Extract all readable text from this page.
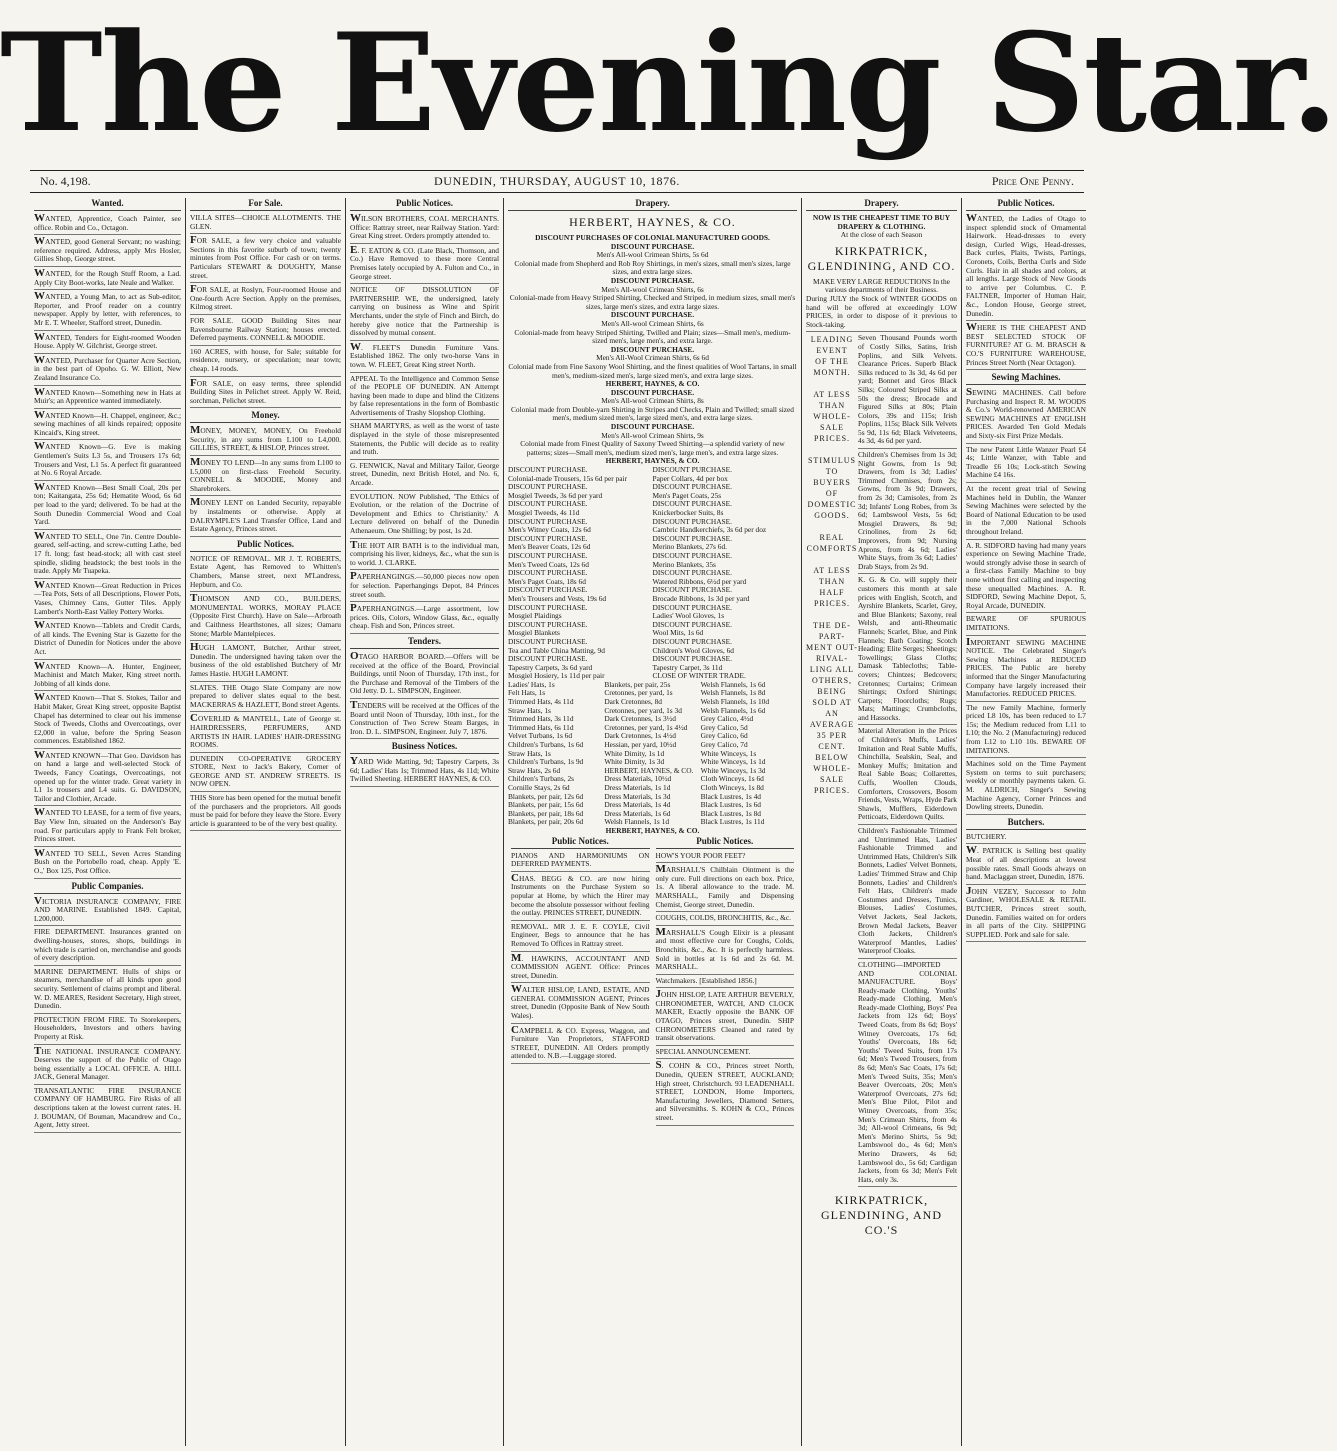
The Evening Star.
No. 4,198.	DUNEDIN, THURSDAY, AUGUST 10, 1876.	Price One Penny.
Wanted.
WANTED, Apprentice, Coach Painter, see office. Robin and Co., Octagon.
WANTED, good General Servant; no washing; reference required. Address, apply Mrs Hosler, Gillies Shop, George street.
WANTED, for the Rough Stuff Room, a Lad. Apply City Boot-works, late Neale and Walker.
WANTED, a Young Man, to act as Sub-editor, Reporter, and Proof reader on a country newspaper. Apply by letter, with references, to Mr E. T. Wheeler, Stafford street, Dunedin.
WANTED, Tenders for Eight-roomed Wooden House. Apply W. Gilchrist, George street.
WANTED, Purchaser for Quarter Acre Section, in the best part of Opoho. G. W. Elliott, New Zealand Insurance Co.
WANTED Known—Something new in Hats at Muir's; an Apprentice wanted immediately.
WANTED Known—H. Chappel, engineer, &c.; sewing machines of all kinds repaired; opposite Kincaid's, King street.
WANTED Known—G. Eve is making Gentlemen's Suits L3 5s, and Trousers 17s 6d; Trousers and Vest, L1 5s. A perfect fit guaranteed at No. 6 Royal Arcade.
WANTED Known—Best Small Coal, 20s per ton; Kaitangata, 25s 6d; Hematite Wood, 6s 6d per load to the yard; delivered. To be had at the South Dunedin Commercial Wood and Coal Yard.
WANTED TO SELL, One 7in. Centre Double-geared, self-acting, and screw-cutting Lathe, bed 17 ft. long; fast head-stock; all with cast steel spindle, sliding headstock; the best tools in the trade. Apply Mr Tuapeka.
WANTED Known—Great Reduction in Prices—Tea Pots, Sets of all Descriptions, Flower Pots, Vases, Chimney Cans, Gutter Tiles. Apply Lambert's North-East Valley Pottery Works.
WANTED Known—Tablets and Credit Cards, of all kinds. The Evening Star is Gazette for the District of Dunedin for Notices under the above Act.
WANTED Known—A. Hunter, Engineer, Machinist and Match Maker, King street north. Jobbing of all kinds done.
WANTED Known—That S. Stokes, Tailor and Habit Maker, Great King street, opposite Baptist Chapel has determined to clear out his immense Stock of Tweeds, Cloths and Overcoatings, over £2,000 in value, before the Spring Season commences. Established 1862.
WANTED KNOWN—That Geo. Davidson has on hand a large and well-selected Stock of Tweeds, Fancy Coatings, Overcoatings, not opened up for the winter trade. Great variety in L1 1s trousers and L4 suits. G. DAVIDSON, Tailor and Clothier, Arcade.
WANTED TO LEASE, for a term of five years, Bay View Inn, situated on the Anderson's Bay road. For particulars apply to Frank Felt broker, Princes street.
WANTED TO SELL, Seven Acres Standing Bush on the Portobello road, cheap. Apply 'E. O.,' Box 125, Post Office.
Public Companies.
VICTORIA INSURANCE COMPANY, FIRE AND MARINE. Established 1849. Capital, L200,000.
FIRE DEPARTMENT. Insurances granted on dwelling-houses, stores, shops, buildings in which trade is carried on, merchandise and goods of every description.
MARINE DEPARTMENT. Hulls of ships or steamers, merchandise of all kinds upon good security. Settlement of claims prompt and liberal. W. D. MEARES, Resident Secretary, High street, Dunedin.
PROTECTION FROM FIRE. To Storekeepers, Householders, Investors and others having Property at Risk.
THE NATIONAL INSURANCE COMPANY. Deserves the support of the Public of Otago being essentially a LOCAL OFFICE. A. HILL JACK, General Manager.
TRANSATLANTIC FIRE INSURANCE COMPANY OF HAMBURG. Fire Risks of all descriptions taken at the lowest current rates. H. J. BOUMAN, Of Bouman, Macandrew and Co., Agent, Jetty street.
For Sale.
VILLA SITES—CHOICE ALLOTMENTS. THE GLEN.
FOR SALE, a few very choice and valuable Sections in this favorite suburb of town; twenty minutes from Post Office. For cash or on terms. Particulars STEWART & DOUGHTY, Manse street.
FOR SALE, at Roslyn, Four-roomed House and One-fourth Acre Section. Apply on the premises, Kilmog street.
FOR SALE. GOOD Building Sites near Ravensbourne Railway Station; houses erected. Deferred payments. CONNELL & MOODIE.
160 ACRES, with house, for Sale; suitable for residence, nursery, or speculation; near town; cheap. 14 roods.
FOR SALE, on easy terms, three splendid Building Sites in Pelichet street. Apply W. Reid, sorchman, Pelichet street.
Money.
MONEY, MONEY, MONEY, On Freehold Security, in any sums from L100 to L4,000. GILLIES, STREET, & HISLOP, Princes street.
MONEY TO LEND—In any sums from L100 to L5,000 on first-class Freehold Security. CONNELL & MOODIE, Money and Sharebrokers.
MONEY LENT on Landed Security, repayable by instalments or otherwise. Apply at DALRYMPLE'S Land Transfer Office, Land and Estate Agency, Princes street.
Public Notices.
NOTICE OF REMOVAL. MR J. T. ROBERTS, Estate Agent, has Removed to Whitten's Chambers, Manse street, next M'Landress, Hepburn, and Co.
THOMSON AND CO., BUILDERS, MONUMENTAL WORKS, MORAY PLACE (Opposite First Church). Have on Sale—Arbroath and Caithness Hearthstones, all sizes; Oamaru Stone; Marble Mantelpieces.
HUGH LAMONT, Butcher, Arthur street, Dunedin. The undersigned having taken over the business of the old established Butchery of Mr James Hastie. HUGH LAMONT.
SLATES. THE Otago Slate Company are now prepared to deliver slates equal to the best. MACKERRAS & HAZLETT, Bond street Agents.
COVERLID & MANTELL, Late of George st. HAIRDRESSERS, PERFUMERS, AND ARTISTS IN HAIR. LADIES' HAIR-DRESSING ROOMS.
DUNEDIN CO-OPERATIVE GROCERY STORE, Next to Jack's Bakery, Corner of GEORGE AND ST. ANDREW STREETS. IS NOW OPEN.
THIS Store has been opened for the mutual benefit of the purchasers and the proprietors. All goods must be paid for before they leave the Store. Every article is guaranteed to be of the very best quality.
Public Notices.
WILSON BROTHERS, COAL MERCHANTS. Office: Rattray street, near Railway Station. Yard: Great King street. Orders promptly attended to.
E. F. EATON & CO. (Late Black, Thomson, and Co.) Have Removed to these more Central Premises lately occupied by A. Fulton and Co., in George street.
NOTICE OF DISSOLUTION OF PARTNERSHIP. WE, the undersigned, lately carrying on business as Wine and Spirit Merchants, under the style of Finch and Birch, do hereby give notice that the Partnership is dissolved by mutual consent.
W. FLEET'S Dunedin Furniture Vans. Established 1862. The only two-horse Vans in town. W. FLEET, Great King street North.
APPEAL To the Intelligence and Common Sense of the PEOPLE OF DUNEDIN. AN Attempt having been made to dupe and blind the Citizens by false representations in the form of Bombastic Advertisements of Trashy Slopshop Clothing.
SHAM MARTYRS, as well as the worst of taste displayed in the style of those misrepresented Statements, the Public will decide as to reality and truth.
G. FENWICK, Naval and Military Tailor, George street, Dunedin, next British Hotel, and No. 6, Arcade.
EVOLUTION. NOW Published, 'The Ethics of Evolution, or the relation of the Doctrine of Development and Ethics to Christianity.' A Lecture delivered on behalf of the Dunedin Athenaeum. One Shilling; by post, 1s 2d.
THE HOT AIR BATH is to the individual man, comprising his liver, kidneys, &c., what the sun is to world. J. CLARKE.
PAPERHANGINGS.—50,000 pieces now open for selection. Paperhangings Depot, 84 Princes street south.
PAPERHANGINGS.—Large assortment, low prices. Oils, Colors, Window Glass, &c., equally cheap. Fish and Son, Princes street.
Tenders.
OTAGO HARBOR BOARD.—Offers will be received at the office of the Board, Provincial Buildings, until Noon of Thursday, 17th inst., for the Purchase and Removal of the Timbers of the Old Jetty. D. L. SIMPSON, Engineer.
TENDERS will be received at the Offices of the Board until Noon of Thursday, 10th inst., for the Construction of Two Screw Steam Barges, in Iron. D. L. SIMPSON, Engineer. July 7, 1876.
Business Notices.
YARD Wide Matting, 9d; Tapestry Carpets, 3s 6d; Ladies' Hats 1s; Trimmed Hats, 4s 11d; White Twilled Sheeting. HERBERT HAYNES, & CO.
Drapery.
HERBERT, HAYNES, & CO.
DISCOUNT PURCHASES OF COLONIAL MANUFACTURED GOODS.
DISCOUNT PURCHASE.
Men's All-wool Crimean Shirts, 5s 6d
Colonial made from Shepherd and Rob Roy Shirtings, in men's sizes, small men's sizes, large sizes, and extra large sizes.
DISCOUNT PURCHASE.
Men's All-wool Crimean Shirts, 6s
Colonial-made from Heavy Striped Shirting, Checked and Striped, in medium sizes, small men's sizes, large men's sizes, and extra large sizes.
DISCOUNT PURCHASE.
Men's All-wool Crimean Shirts, 6s
Colonial-made from heavy Striped Shirting, Twilled and Plain; sizes—Small men's, medium-sized men's, large men's, and extra large.
DISCOUNT PURCHASE.
Men's All-Wool Crimean Shirts, 6s 6d
Colonial made from Fine Saxony Wool Shirting, and the finest qualities of Wool Tartans, in small men's, medium-sized men's, large sized men's, and extra large sizes.
HERBERT, HAYNES, & CO.
DISCOUNT PURCHASE.
Men's All-wool Crimean Shirts, 8s
Colonial made from Double-yarn Shirting in Stripes and Checks, Plain and Twilled; small sized men's, medium sized men's, large sized men's, and extra large sizes.
DISCOUNT PURCHASE.
Men's All-wool Crimean Shirts, 9s
Colonial made from Finest Quality of Saxony Tweed Shirting—a splendid variety of new patterns; sizes—Small men's, medium sized men's, large men's, and extra large sizes.
HERBERT, HAYNES, & CO.
DISCOUNT PURCHASE.	DISCOUNT PURCHASE.
Colonial-made Trousers, 15s 6d per pair	Paper Collars, 4d per box
DISCOUNT PURCHASE.	DISCOUNT PURCHASE.
Mosgiel Tweeds, 3s 6d per yard	Men's Paget Coats, 25s
DISCOUNT PURCHASE.	DISCOUNT PURCHASE.
Mosgiel Tweeds, 4s 11d	Knickerbocker Suits, 8s
DISCOUNT PURCHASE.	DISCOUNT PURCHASE.
Men's Witney Coats, 12s 6d	Cambric Handkerchiefs, 3s 6d per doz
DISCOUNT PURCHASE.	DISCOUNT PURCHASE.
Men's Beaver Coats, 12s 6d	Merino Blankets, 27s 6d.
DISCOUNT PURCHASE.	DISCOUNT PURCHASE.
Men's Tweed Coats, 12s 6d	Merino Blankets, 35s
DISCOUNT PURCHASE.	DISCOUNT PURCHASE.
Men's Paget Coats, 18s 6d	Watered Ribbons, 6½d per yard
DISCOUNT PURCHASE.	DISCOUNT PURCHASE.
Men's Trousers and Vests, 19s 6d	Brocade Ribbons, 1s 3d per yard
DISCOUNT PURCHASE.	DISCOUNT PURCHASE.
Mosgiel Plaidings	Ladies' Wool Gloves, 1s
DISCOUNT PURCHASE.	DISCOUNT PURCHASE.
Mosgiel Blankets	Wool Mits, 1s 6d
DISCOUNT PURCHASE.	DISCOUNT PURCHASE.
Tea and Table China Matting, 9d	Children's Wool Gloves, 6d
DISCOUNT PURCHASE.	DISCOUNT PURCHASE.
Tapestry Carpets, 3s 6d yard	Tapestry Carpet, 3s 11d
Mosgiel Hosiery, 1s 11d per pair	CLOSE OF WINTER TRADE.
Ladies' Hats, 1s	Blankets, per pair, 25s	Welsh Flannels, 1s 6d
Felt Hats, 1s	Cretonnes, per yard, 1s	Welsh Flannels, 1s 8d
Trimmed Hats, 4s 11d	Dark Cretonnes, 8d	Welsh Flannels, 1s 10d
Straw Hats, 1s	Cretonnes, per yard, 1s 3d	Welsh Flannels, 1s 6d
Trimmed Hats, 3s 11d	Dark Cretonnes, 1s 3½d	Grey Calico, 4½d
Trimmed Hats, 6s 11d	Cretonnes, per yard, 1s 4½d	Grey Calico, 5d
Velvet Turbans, 1s 6d	Dark Cretonnes, 1s 4½d	Grey Calico, 6d
Children's Turbans, 1s 6d	Hessian, per yard, 10½d	Grey Calico, 7d
Straw Hats, 1s	White Dimity, 1s 1d	White Winceys, 1s
Children's Turbans, 1s 9d	White Dimity, 1s 3d	White Winceys, 1s 1d
Straw Hats, 2s 6d	HERBERT, HAYNES, & CO. White Winceys, 1s 3d
Children's Turbans, 2s	Dress Materials, 10½d	Cloth Winceys, 1s 6d
Cornille Stays, 2s 6d	Dress Materials, 1s 1d	Cloth Winceys, 1s 8d
Blankets, per pair, 12s 6d	Dress Materials, 1s 3d	Black Lustres, 1s 4d
Blankets, per pair, 15s 6d	Dress Materials, 1s 4d	Black Lustres, 1s 6d
Blankets, per pair, 18s 6d	Dress Materials, 1s 6d	Black Lustres, 1s 8d
Blankets, per pair, 20s 6d	Welsh Flannels, 1s 1d	Black Lustres, 1s 11d
HERBERT, HAYNES, & CO.
Public Notices.
PIANOS AND HARMONIUMS ON DEFERRED PAYMENTS.
CHAS. BEGG & CO. are now hiring Instruments on the Purchase System so popular at Home, by which the Hirer may become the absolute possessor without feeling the outlay. PRINCES STREET, DUNEDIN.
REMOVAL. MR J. E. F. COYLE, Civil Engineer, Begs to announce that he has Removed To Offices in Rattray street.
M. HAWKINS, ACCOUNTANT AND COMMISSION AGENT. Office: Princes street, Dunedin.
WALTER HISLOP, LAND, ESTATE, AND GENERAL COMMISSION AGENT, Princes street, Dunedin (Opposite Bank of New South Wales).
CAMPBELL & CO. Express, Waggon, and Furniture Van Proprietors, STAFFORD STREET, DUNEDIN. All Orders promptly attended to. N.B.—Luggage stored.
Public Notices.
HOW'S YOUR POOR FEET?
MARSHALL'S Chilblain Ointment is the only cure. Full directions on each box. Price, 1s. A liberal allowance to the trade. M. MARSHALL, Family and Dispensing Chemist, George street, Dunedin.
COUGHS, COLDS, BRONCHITIS, &c., &c.
MARSHALL'S Cough Elixir is a pleasant and most effective cure for Coughs, Colds, Bronchitis, &c., &c. It is perfectly harmless. Sold in bottles at 1s 6d and 2s 6d. M. MARSHALL.
Watchmakers. [Established 1856.]
JOHN HISLOP, LATE ARTHUR BEVERLY, CHRONOMETER, WATCH, AND CLOCK MAKER, Exactly opposite the BANK OF OTAGO, Princes street, Dunedin. SHIP CHRONOMETERS Cleaned and rated by transit observations.
SPECIAL ANNOUNCEMENT.
S. COHN & CO., Princes street North, Dunedin, QUEEN STREET, AUCKLAND; High street, Christchurch. 93 LEADENHALL STREET, LONDON, Home Importers, Manufacturing Jewellers, Diamond Setters, and Silversmiths. S. KOHN & CO., Princes street.
Drapery.
NOW IS THE CHEAPEST TIME TO BUY DRAPERY & CLOTHING.
At the close of each Season
KIRKPATRICK, GLENDINING, AND CO.
MAKE VERY LARGE REDUCTIONS In the various departments of their Business.
During JULY the Stock of WINTER GOODS on hand will be offered at exceedingly LOW PRICES, in order to dispose of it previous to Stock-taking.
LEADING
EVENT
OF THE
MONTH.

AT LESS
THAN
WHOLE-
SALE
PRICES.

STIMULUS
TO
BUYERS
OF
DOMESTIC
GOODS.

REAL
COMFORTS

AT LESS
THAN
HALF
PRICES.

THE DE-
PART-
MENT OUT-
RIVAL-
LING ALL
OTHERS,
BEING
SOLD AT
AN
AVERAGE
35 PER
CENT.
BELOW
WHOLE-
SALE
PRICES.
Seven Thousand Pounds worth of Costly Silks, Satins, Irish Poplins, and Silk Velvets. Clearance Prices. Superb Black Silks reduced to 3s 3d, 4s 6d per yard; Bonnet and Gros Black Silks; Coloured Striped Silks at 50s the dress; Brocade and Figured Silks at 80s; Plain Colors, 39s and 115s; Irish Poplins, 115s; Black Silk Velvets 5s 9d, 11s 6d; Black Velveteens, 4s 3d, 4s 6d per yard.
Children's Chemises from 1s 3d; Night Gowns, from 1s 9d; Drawers, from 1s 3d; Ladies' Trimmed Chemises, from 2s; Gowns, from 3s 9d; Drawers, from 2s 3d; Camisoles, from 2s 3d; Infants' Long Robes, from 3s 6d; Lambswool Vests, 5s 6d; Mosgiel Drawers, 8s 9d; Crinolines, from 2s 6d; Improvers, from 9d; Nursing Aprons, from 4s 6d; Ladies' White Stays, from 3s 6d; Ladies' Drab Stays, from 2s 9d.
K. G. & Co. will supply their customers this month at sale prices with English, Scotch, and Ayrshire Blankets, Scarlet, Grey, and Blue Blankets; Saxony, real Welsh, and anti-Rheumatic Flannels; Scarlet, Blue, and Pink Flannels; Bath Coating; Scotch Heading; Elite Serges; Sheetings; Towellings; Glass Cloths; Damask Tablecloths; Table-covers; Chintzes; Bedcovers; Cretonnes; Curtains; Crimean Shirtings; Oxford Shirtings; Carpets; Floorcloths; Rugs; Mats; Mattings; Crumbcloths, and Hassocks.
Material Alteration in the Prices of Children's Muffs, Ladies' Imitation and Real Sable Muffs, Chinchilla, Sealskin, Seal, and Monkey Muffs; Imitation and Real Sable Boas; Collarettes, Cuffs, Woollen Clouds, Comforters, Crossovers, Bosom Friends, Vests, Wraps, Hyde Park Shawls, Mufflers, Eiderdown Petticoats, Eiderdown Quilts.
Children's Fashionable Trimmed and Untrimmed Hats, Ladies' Fashionable Trimmed and Untrimmed Hats, Children's Silk Bonnets, Ladies' Velvet Bonnets, Ladies' Trimmed Straw and Chip Bonnets, Ladies' and Children's Felt Hats, Children's made Costumes and Dresses, Tunics, Blouses, Ladies' Costumes, Velvet Jackets, Seal Jackets, Brown Medal Jackets, Beaver Cloth Jackets, Children's Waterproof Mantles, Ladies' Waterproof Cloaks.
CLOTHING—IMPORTED AND COLONIAL MANUFACTURE. Boys' Ready-made Clothing, Youths' Ready-made Clothing, Men's Ready-made Clothing, Boys' Pea Jackets from 12s 6d; Boys' Tweed Coats, from 8s 6d; Boys' Witney Overcoats, 17s 6d; Youths' Overcoats, 18s 6d; Youths' Tweed Suits, from 17s 6d; Men's Tweed Trousers, from 8s 6d; Men's Sac Coats, 17s 6d; Men's Tweed Suits, 35s; Men's Beaver Overcoats, 20s; Men's Waterproof Overcoats, 27s 6d; Men's Blue Pilot, Pilot and Witney Overcoats, from 35s; Men's Crimean Shirts, from 4s 3d; All-wool Crimeans, 6s 9d; Men's Merino Shirts, 5s 9d; Lambswool do., 4s 6d; Men's Merino Drawers, 4s 6d; Lambswool do., 5s 6d; Cardigan Jackets, from 6s 3d; Men's Felt Hats, only 3s.
KIRKPATRICK, GLENDINING, AND CO.'S
Public Notices.
WANTED, the Ladies of Otago to inspect splendid stock of Ornamental Hairwork. Head-dresses to every design, Curled Wigs, Head-dresses, Back curles, Plaits, Twists, Partings, Coronets, Coils, Bertha Curls and Side Curls. Hair in all shades and colors, at all lengths. Large Stock of New Goods to arrive per Columbus. C. P. FALTNER, Importer of Human Hair, &c., London House, George street, Dunedin.
WHERE IS THE CHEAPEST AND BEST SELECTED STOCK OF FURNITURE? AT G. M. BRASCH & CO.'S FURNITURE WAREHOUSE, Princes Street North (Near Octagon).
Sewing Machines.
SEWING MACHINES. Call before Purchasing and Inspect R. M. WOODS & Co.'s World-renowned AMERICAN SEWING MACHINES AT ENGLISH PRICES. Awarded Ten Gold Medals and Sixty-six First Prize Medals.
The new Patent Little Wanzer Pearl £4 4s; Little Wanzer, with Table and Treadle £6 10s; Lock-stitch Sewing Machine £4 16s.
At the recent great trial of Sewing Machines held in Dublin, the Wanzer Sewing Machines were selected by the Board of National Education to be used in the 7,000 National Schools throughout Ireland.
A. R. SIDFORD having had many years experience on Sewing Machine Trade, would strongly advise those in search of a first-class Family Machine to buy none without first calling and inspecting these unequalled Machines. A. R. SIDFORD, Sewing Machine Depot, 5, Royal Arcade, DUNEDIN.
BEWARE OF SPURIOUS IMITATIONS.
IMPORTANT SEWING MACHINE NOTICE. The Celebrated Singer's Sewing Machines at REDUCED PRICES. The Public are hereby informed that the Singer Manufacturing Company have largely increased their Manufactories. REDUCED PRICES.
The new Family Machine, formerly priced L8 10s, has been reduced to L7 15s; the Medium reduced from L11 to L10; the No. 2 (Manufacturing) reduced from L12 to L10 10s. BEWARE OF IMITATIONS.
Machines sold on the Time Payment System on terms to suit purchasers; weekly or monthly payments taken. G. M. ALDRICH, Singer's Sewing Machine Agency, Corner Princes and Dowling streets, Dunedin.
Butchers.
BUTCHERY.
W. PATRICK is Selling best quality Meat of all descriptions at lowest possible rates. Small Goods always on hand. Maclaggan street, Dunedin, 1876.
JOHN VEZEY, Successor to John Gardiner, WHOLESALE & RETAIL BUTCHER, Princes street south, Dunedin. Families waited on for orders in all parts of the City. SHIPPING SUPPLIED. Pork and sale for sale.
